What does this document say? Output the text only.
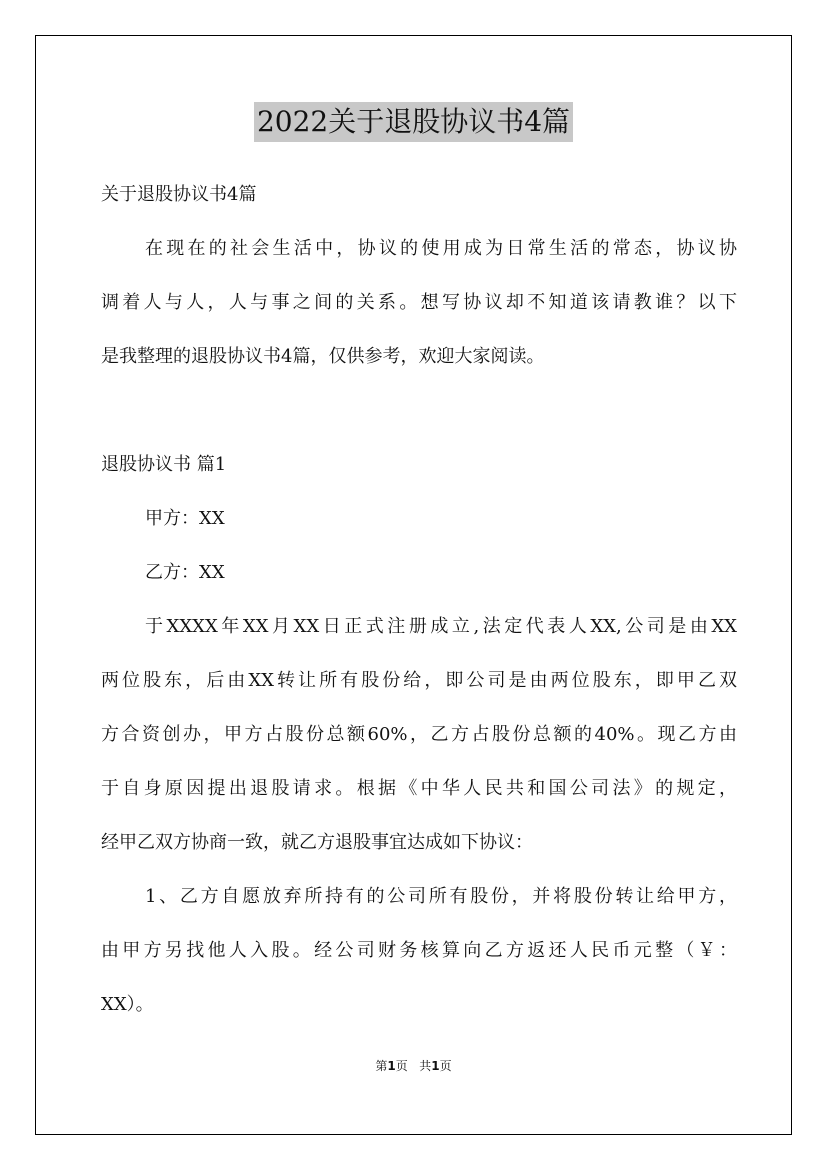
2022关于退股协议书4篇
关于退股协议书4篇
在现在的社会生活中，协议的使用成为日常生活的常态，协议协
调着人与人，人与事之间的关系。想写协议却不知道该请教谁？以下
是我整理的退股协议书4篇，仅供参考，欢迎大家阅读。
退股协议书 篇1
甲方：XX
乙方：XX
于XXXX年XX月XX日正式注册成立,法定代表人XX,公司是由XX
两位股东，后由XX转让所有股份给，即公司是由两位股东，即甲乙双
方合资创办，甲方占股份总额60%，乙方占股份总额的40%。现乙方由
于自身原因提出退股请求。根据《中华人民共和国公司法》的规定，
经甲乙双方协商一致，就乙方退股事宜达成如下协议：
1、乙方自愿放弃所持有的公司所有股份，并将股份转让给甲方，
由甲方另找他人入股。经公司财务核算向乙方返还人民币元整（￥：
XX）。
第1页 共1页
